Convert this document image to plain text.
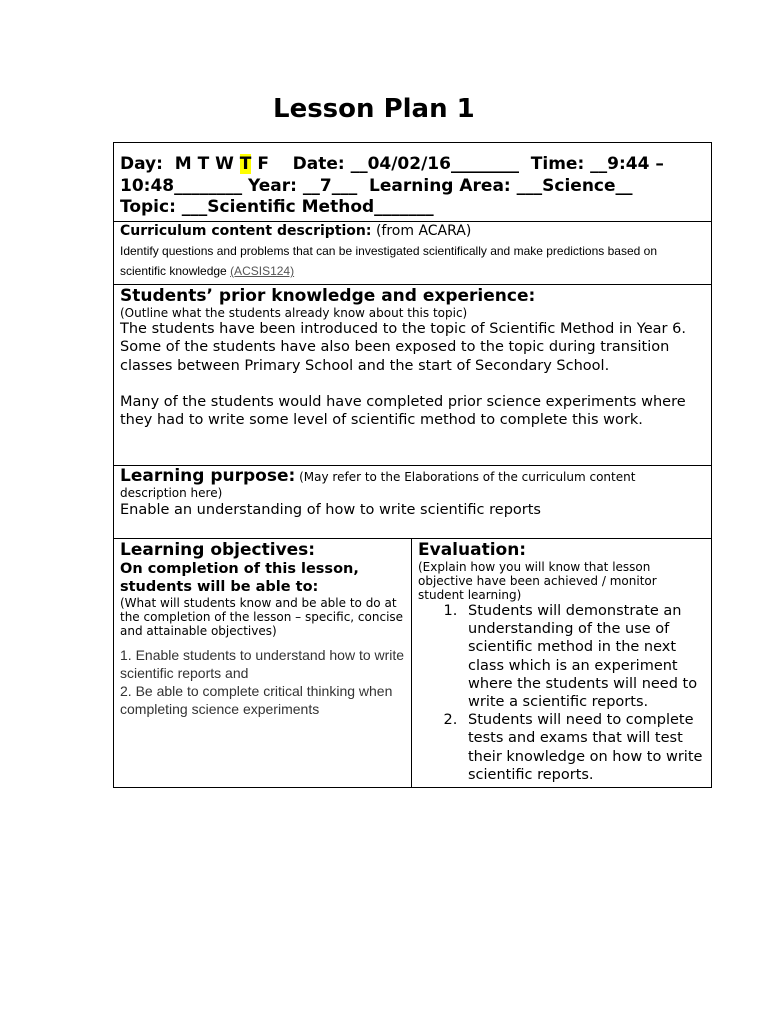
Lesson Plan 1
Day:  M T W T F    Date: __04/02/16________  Time: __9:44 –
10:48________ Year: __7___  Learning Area: ___Science__
Topic: ___Scientific Method_______
Curriculum content description: (from ACARA)
Identify questions and problems that can be investigated scientifically and make predictions based on scientific knowledge (ACSIS124)
Students’ prior knowledge and experience:
(Outline what the students already know about this topic)
The students have been introduced to the topic of Scientific Method in Year 6. Some of the students have also been exposed to the topic during transition classes between Primary School and the start of Secondary School.
Many of the students would have completed prior science experiments where they had to write some level of scientific method to complete this work.
Learning purpose: (May refer to the Elaborations of the curriculum content description here)
Enable an understanding of how to write scientific reports
Learning objectives:
On completion of this lesson, students will be able to:
(What will students know and be able to do at the completion of the lesson – specific, concise and attainable objectives)
1. Enable students to understand how to write scientific reports and
2. Be able to complete critical thinking when completing science experiments
Evaluation:
(Explain how you will know that lesson objective have been achieved / monitor student learning)
1. Students will demonstrate an understanding of the use of scientific method in the next class which is an experiment where the students will need to write a scientific reports.
2. Students will need to complete tests and exams that will test their knowledge on how to write scientific reports.
